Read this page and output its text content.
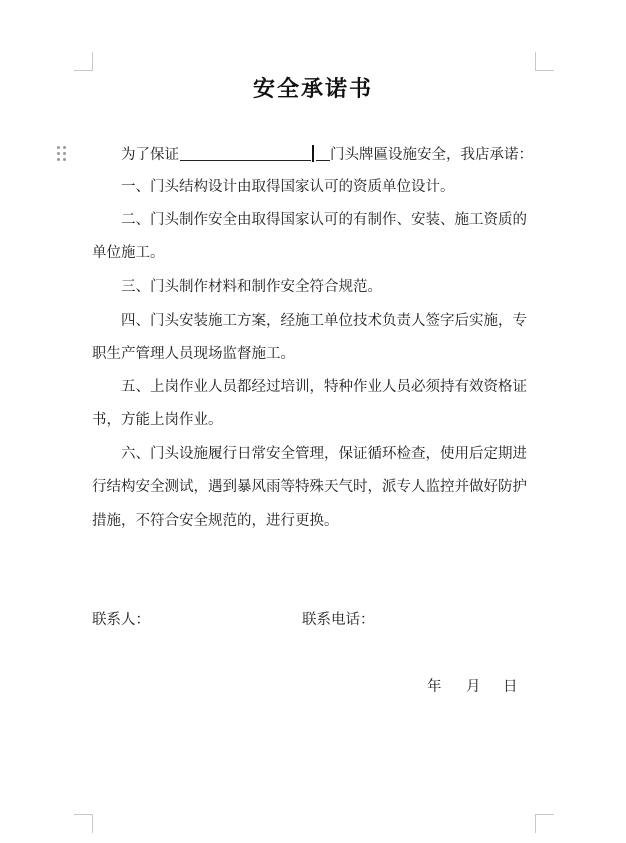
安全承诺书
为了保证	门头牌匾设施安全，我店承诺：
一、门头结构设计由取得国家认可的资质单位设计。
二、门头制作安全由取得国家认可的有制作、安装、施工资质的
单位施工。
三、门头制作材料和制作安全符合规范。
四、门头安装施工方案，经施工单位技术负责人签字后实施，专
职生产管理人员现场监督施工。
五、上岗作业人员都经过培训，特种作业人员必须持有效资格证
书，方能上岗作业。
六、门头设施履行日常安全管理，保证循环检查，使用后定期进
行结构安全测试，遇到暴风雨等特殊天气时，派专人监控并做好防护
措施，不符合安全规范的，进行更换。
联系人：	联系电话：
年 月 日
